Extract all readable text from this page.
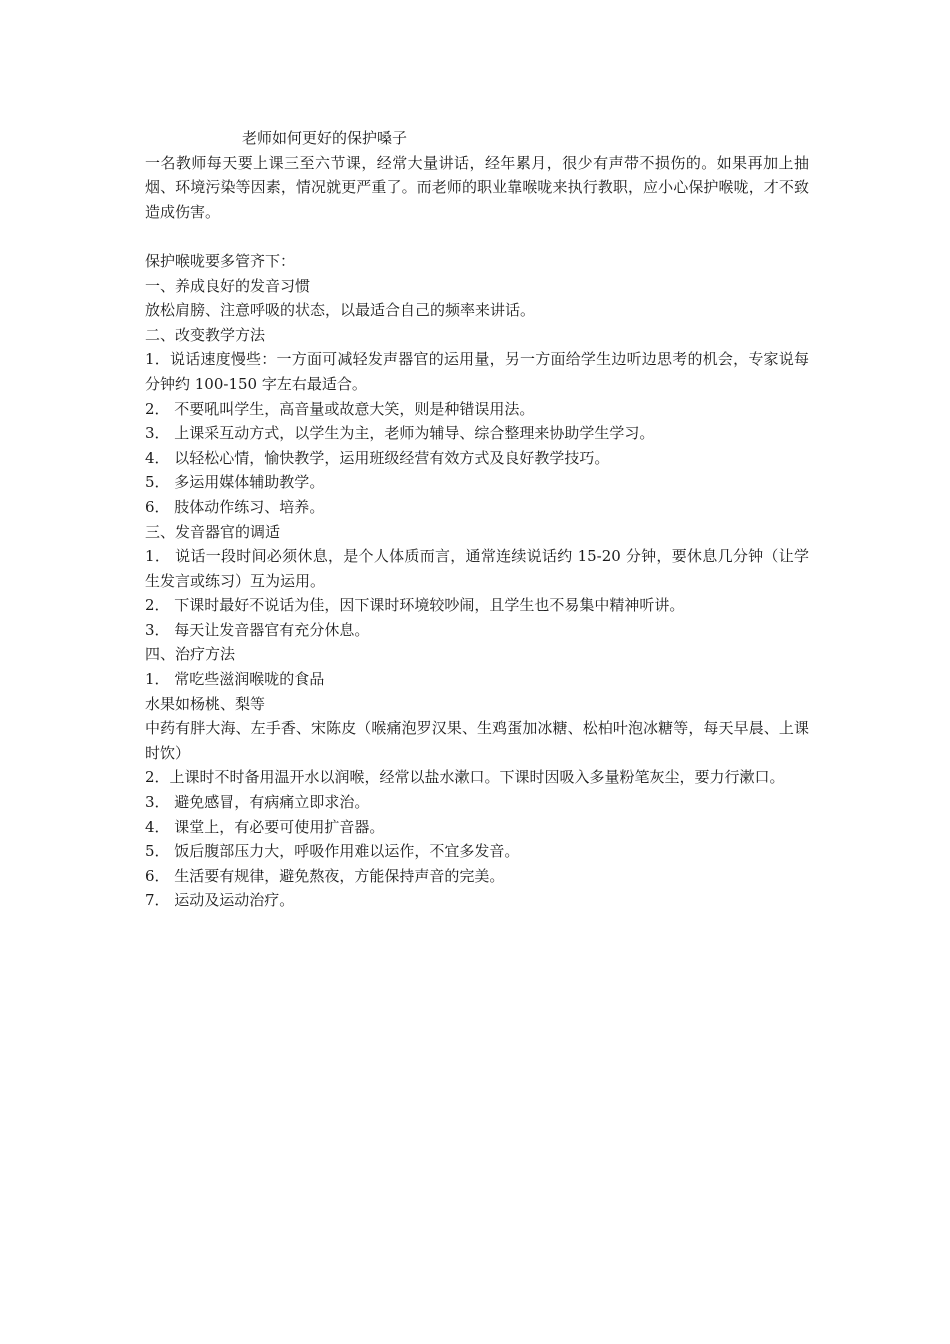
老师如何更好的保护嗓子

一名教师每天要上课三至六节课，经常大量讲话，经年累月，很少有声带不损伤的。如果再加上抽烟、环境污染等因素，情况就更严重了。而老师的职业靠喉咙来执行教职，应小心保护喉咙，才不致造成伤害。

保护喉咙要多管齐下：

一、养成良好的发音习惯

放松肩膀、注意呼吸的状态，以最适合自己的频率来讲话。

二、改变教学方法

1．说话速度慢些：一方面可减轻发声器官的运用量，另一方面给学生边听边思考的机会，专家说每分钟约 100-150 字左右最适合。

2． 不要吼叫学生，高音量或故意大笑，则是种错误用法。

3． 上课采互动方式，以学生为主，老师为辅导、综合整理来协助学生学习。

4． 以轻松心情，愉快教学，运用班级经营有效方式及良好教学技巧。

5． 多运用媒体辅助教学。

6． 肢体动作练习、培养。

三、发音器官的调适

1． 说话一段时间必须休息，是个人体质而言，通常连续说话约 15-20 分钟，要休息几分钟（让学生发言或练习）互为运用。

2． 下课时最好不说话为佳，因下课时环境较吵闹，且学生也不易集中精神听讲。

3． 每天让发音器官有充分休息。

四、治疗方法

1． 常吃些滋润喉咙的食品

水果如杨桃、梨等

中药有胖大海、左手香、宋陈皮（喉痛泡罗汉果、生鸡蛋加冰糖、松柏叶泡冰糖等，每天早晨、上课时饮）

2．上课时不时备用温开水以润喉，经常以盐水漱口。下课时因吸入多量粉笔灰尘，要力行漱口。

3． 避免感冒，有病痛立即求治。

4． 课堂上，有必要可使用扩音器。

5． 饭后腹部压力大，呼吸作用难以运作，不宜多发音。

6． 生活要有规律，避免熬夜，方能保持声音的完美。

7． 运动及运动治疗。
